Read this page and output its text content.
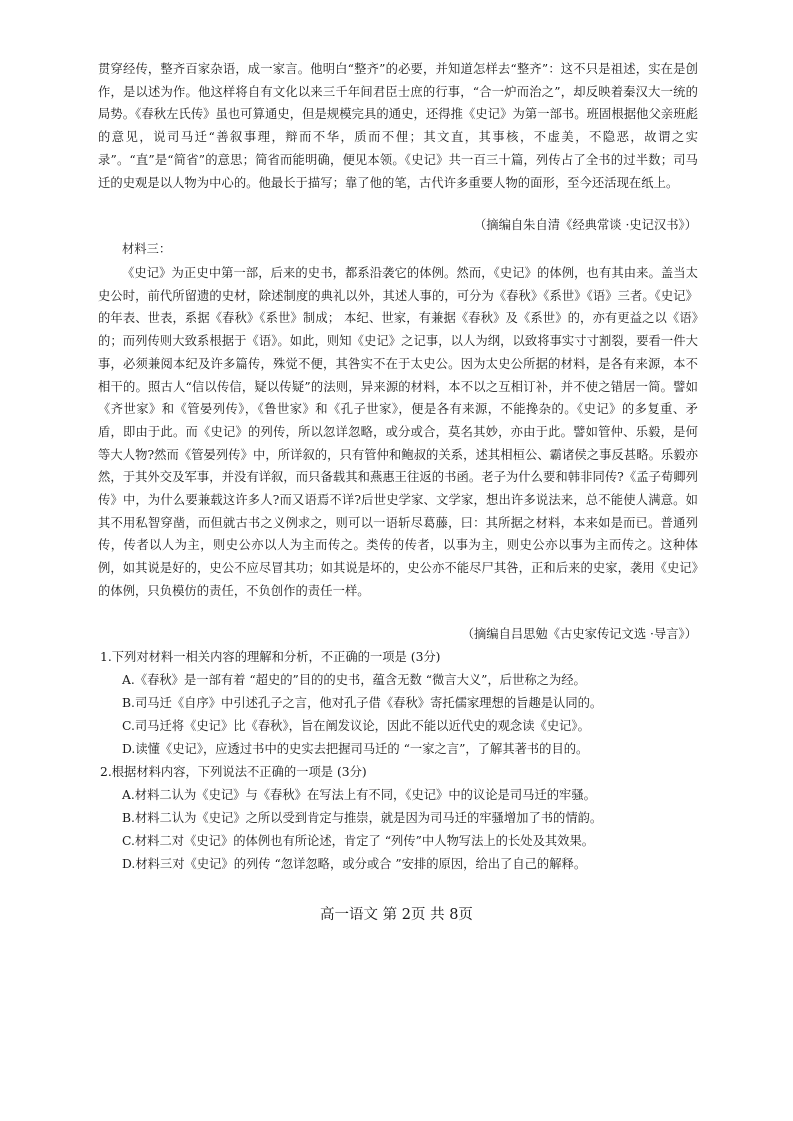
贯穿经传，整齐百家杂语，成一家言。他明白“整齐”的必要，并知道怎样去“整齐”：这不只是祖述，实在是创作，是以述为作。他这样将自有文化以来三千年间君臣士庶的行事，“合一炉而治之”，却反映着秦汉大一统的局势。《春秋左氏传》虽也可算通史，但是规模完具的通史，还得推《史记》为第一部书。班固根据他父亲班彪的意见，说司马迁“善叙事理，辩而不华，质而不俚；其文直，其事核，不虚美，不隐恶，故谓之实录”。“直”是“简省”的意思；简省而能明确，便见本领。《史记》共一百三十篇，列传占了全书的过半数；司马迁的史观是以人物为中心的。他最长于描写；靠了他的笔，古代许多重要人物的面形，至今还活现在纸上。

（摘编自朱自清《经典常谈 ·史记汉书》）

材料三：

《史记》为正史中第一部，后来的史书，都系沿袭它的体例。然而，《史记》的体例，也有其由来。盖当太史公时，前代所留遗的史材，除述制度的典礼以外，其述人事的，可分为《春秋》《系世》《语》三者。《史记》的年表、世表，系据《春秋》《系世》制成； 本纪、世家，有兼据《春秋》及《系世》的，亦有更益之以《语》的；而列传则大致系根据于《语》。如此，则知《史记》之记事，以人为纲，以致将事实寸寸割裂，要看一件大事，必须兼阅本纪及许多篇传，殊觉不便，其咎实不在于太史公。因为太史公所据的材料，是各有来源，本不相干的。照古人“信以传信，疑以传疑”的法则，异来源的材料，本不以之互相订补，并不使之错居一简。譬如《齐世家》和《管晏列传》，《鲁世家》和《孔子世家》，便是各有来源，不能搀杂的。《史记》的多复重、矛盾，即由于此。而《史记》的列传，所以忽详忽略，或分或合，莫名其妙，亦由于此。譬如管仲、乐毅，是何等大人物?然而《管晏列传》中，所详叙的，只有管仲和鲍叔的关系，述其相桓公、霸诸侯之事反甚略。乐毅亦然，于其外交及军事，并没有详叙，而只备载其和燕惠王往返的书函。老子为什么要和韩非同传?《孟子荀卿列传》中，为什么要兼载这许多人?而又语焉不详?后世史学家、文学家，想出许多说法来，总不能使人满意。如其不用私智穿凿，而但就古书之义例求之，则可以一语斩尽葛藤，曰：其所据之材料，本来如是而已。普通列传，传者以人为主，则史公亦以人为主而传之。类传的传者，以事为主，则史公亦以事为主而传之。这种体例，如其说是好的，史公不应尽冒其功；如其说是坏的，史公亦不能尽尸其咎，正和后来的史家，袭用《史记》的体例，只负模仿的责任，不负创作的责任一样。

（摘编自吕思勉《古史家传记文选 ·导言》）

1.下列对材料一相关内容的理解和分析，不正确的一项是 (3分)

A.《春秋》是一部有着 “超史的”目的的史书，蕴含无数 “微言大义”，后世称之为经。

B.司马迁《自序》中引述孔子之言，他对孔子借《春秋》寄托儒家理想的旨趣是认同的。

C.司马迁将《史记》比《春秋》，旨在阐发议论，因此不能以近代史的观念读《史记》。

D.读懂《史记》，应透过书中的史实去把握司马迁的 “一家之言”，了解其著书的目的。

2.根据材料内容，下列说法不正确的一项是 (3分)

A.材料二认为《史记》与《春秋》在写法上有不同，《史记》中的议论是司马迁的牢骚。

B.材料二认为《史记》之所以受到肯定与推崇，就是因为司马迁的牢骚增加了书的情韵。

C.材料二对《史记》的体例也有所论述，肯定了 “列传”中人物写法上的长处及其效果。

D.材料三对《史记》的列传 “忽详忽略，或分或合 ”安排的原因，给出了自己的解释。

高一语文 第 2页 共 8页
